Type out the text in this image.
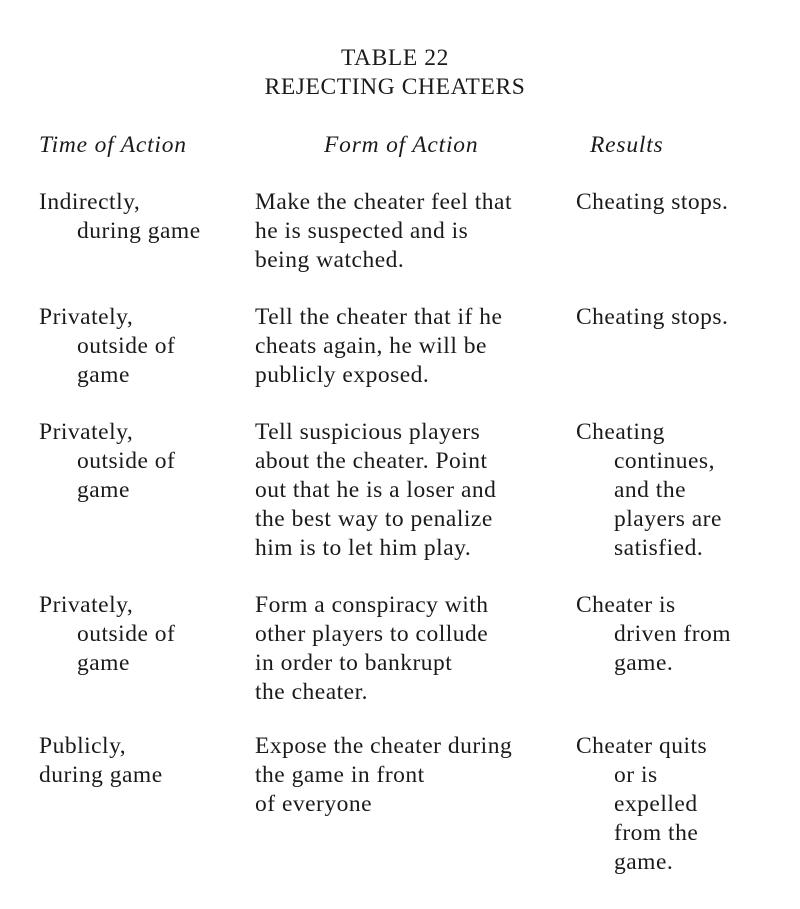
TABLE 22
REJECTING CHEATERS
Time of Action	Form of Action	Results
Indirectly,
during game
Make the cheater feel that
he is suspected and is
being watched.
Cheating stops.
Privately,
outside of
game
Tell the cheater that if he
cheats again, he will be
publicly exposed.
Cheating stops.
Privately,
outside of
game
Tell suspicious players
about the cheater. Point
out that he is a loser and
the best way to penalize
him is to let him play.
Cheating
continues,
and the
players are
satisfied.
Privately,
outside of
game
Form a conspiracy with
other players to collude
in order to bankrupt
the cheater.
Cheater is
driven from
game.
Publicly,
during game
Expose the cheater during
the game in front
of everyone
Cheater quits
or is
expelled
from the
game.
